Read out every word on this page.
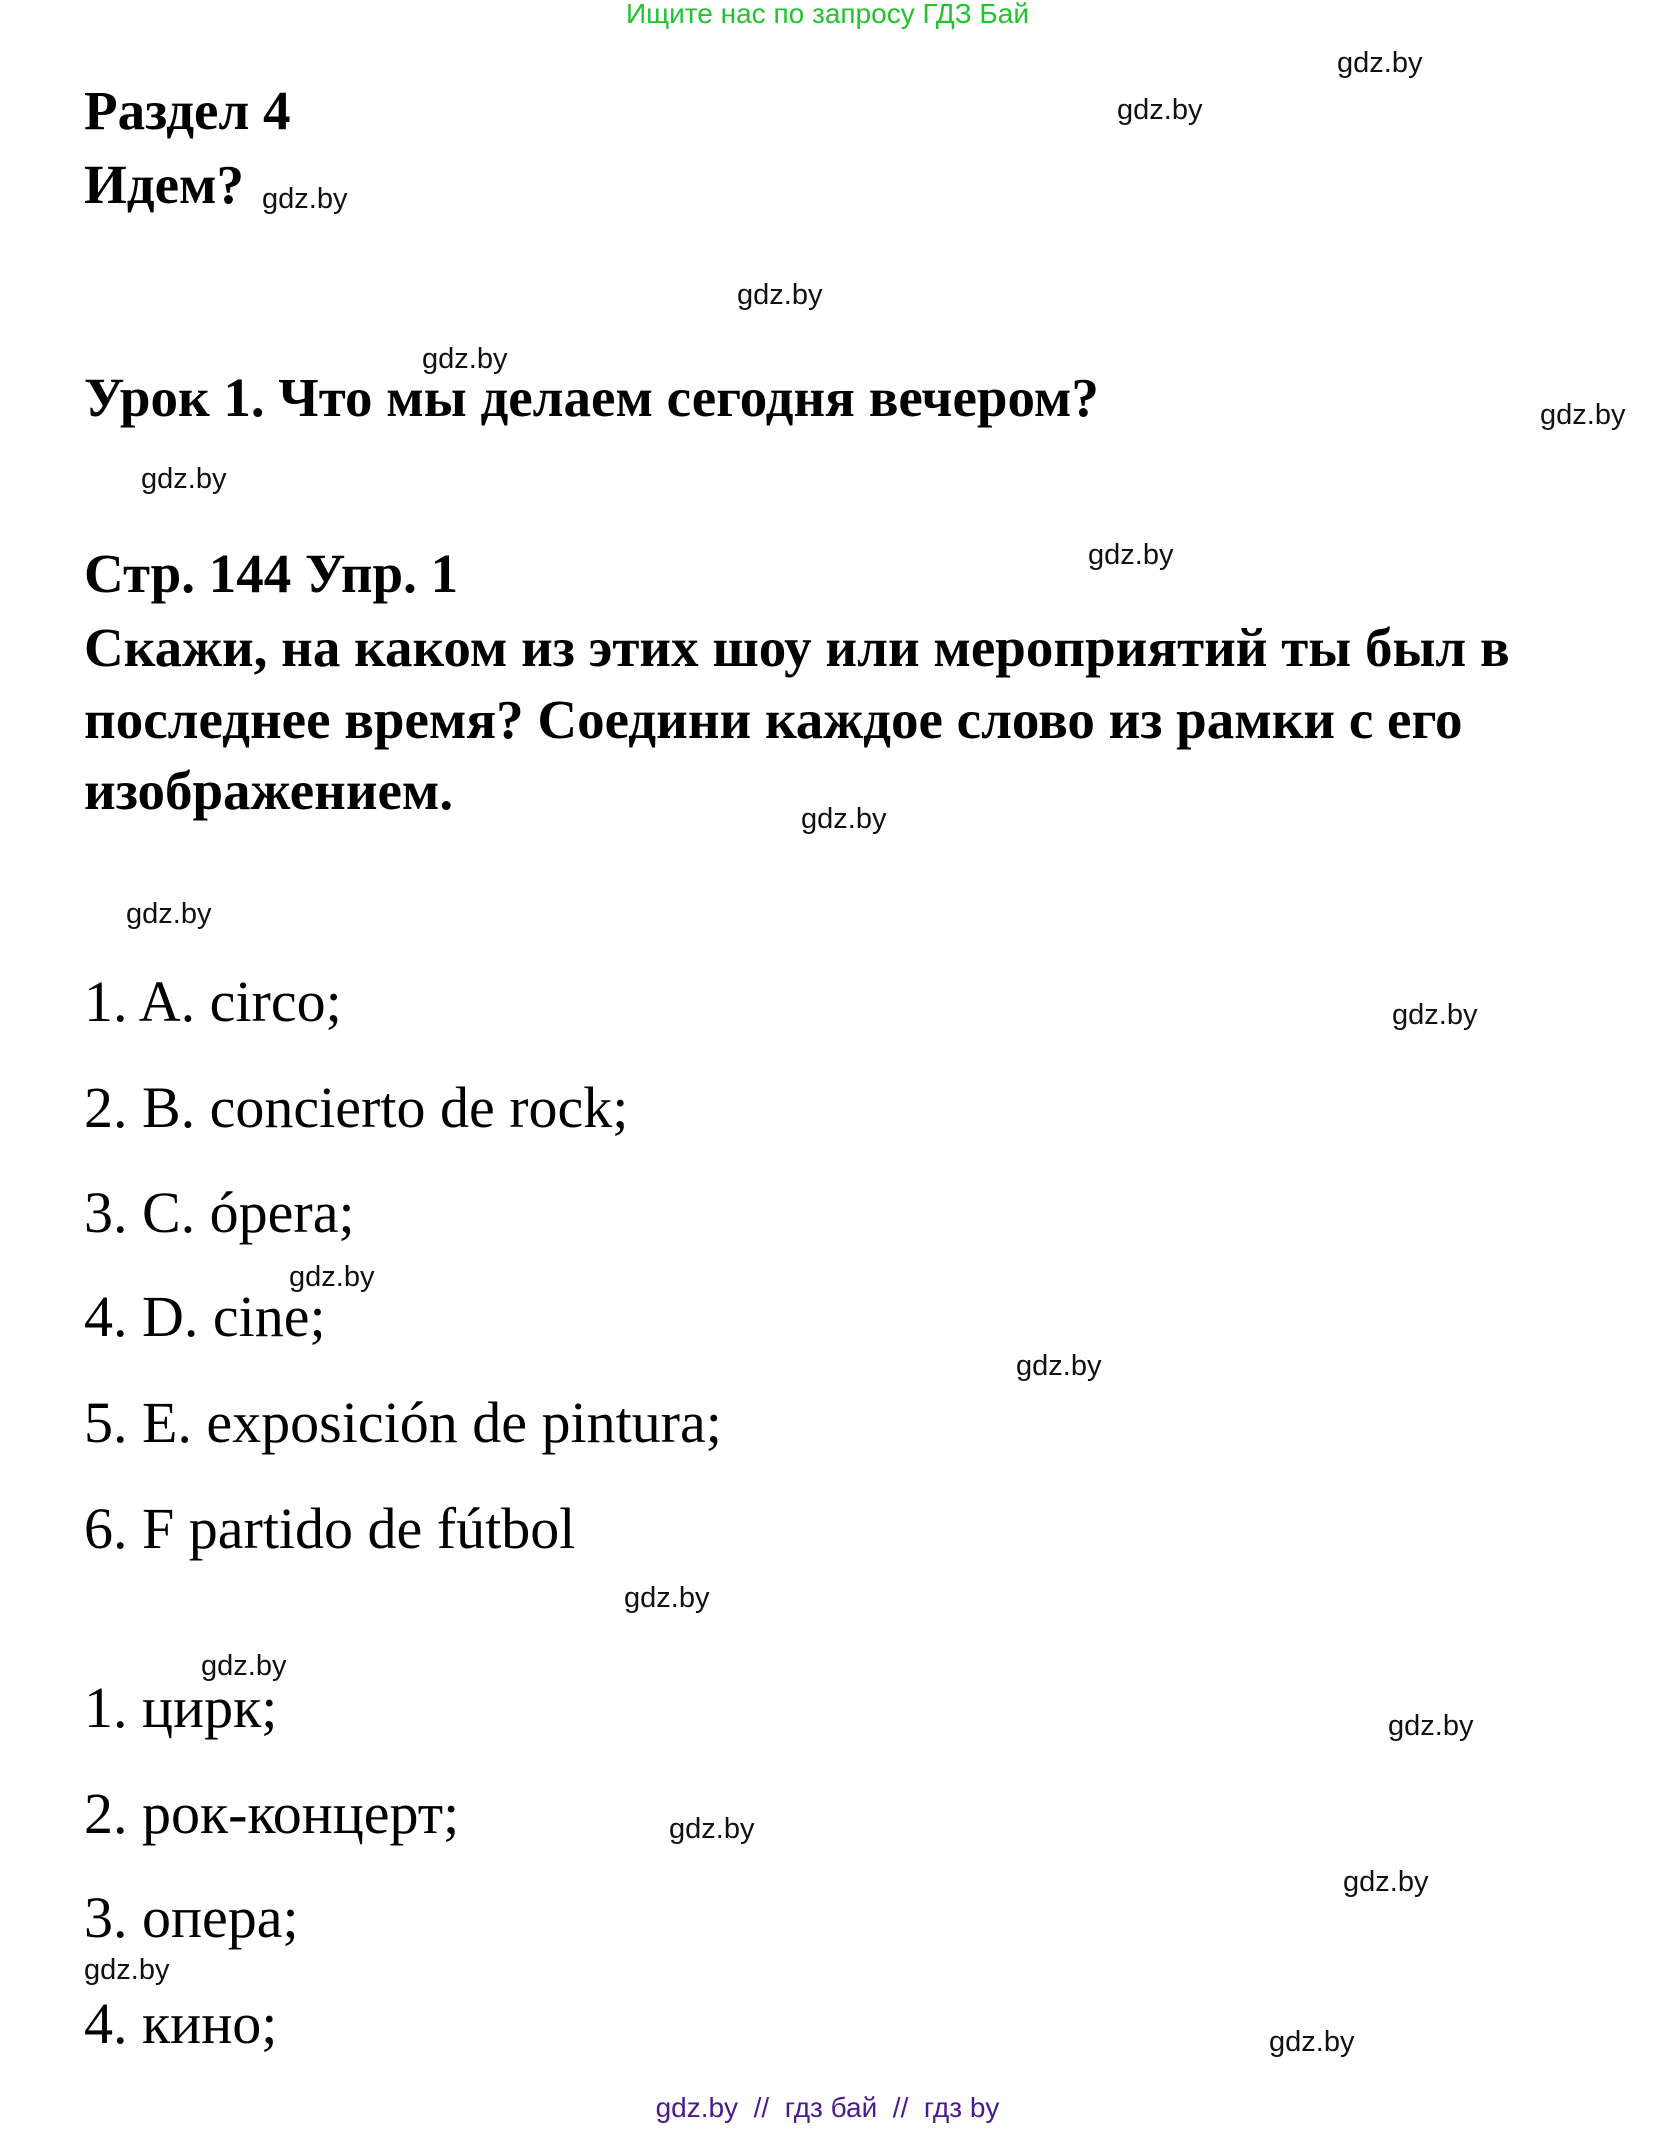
Ищите нас по запросу ГДЗ Бай
Раздел 4
Идем?
Урок 1. Что мы делаем сегодня вечером?
Стр. 144 Упр. 1
Скажи, на каком из этих шоу или мероприятий ты был в
последнее время? Соедини каждое слово из рамки с его
изображением.
1. A. circo;
2. B. concierto de rock;
3. C. ópera;
4. D. cine;
5. E. exposición de pintura;
6. F partido de fútbol
1. цирк;
2. рок-концерт;
3. опера;
4. кино;
gdz.by
gdz.by
gdz.by
gdz.by
gdz.by
gdz.by
gdz.by
gdz.by
gdz.by
gdz.by
gdz.by
gdz.by
gdz.by
gdz.by
gdz.by
gdz.by
gdz.by
gdz.by
gdz.by
gdz.by
gdz.by  //  гдз бай  //  гдз by
